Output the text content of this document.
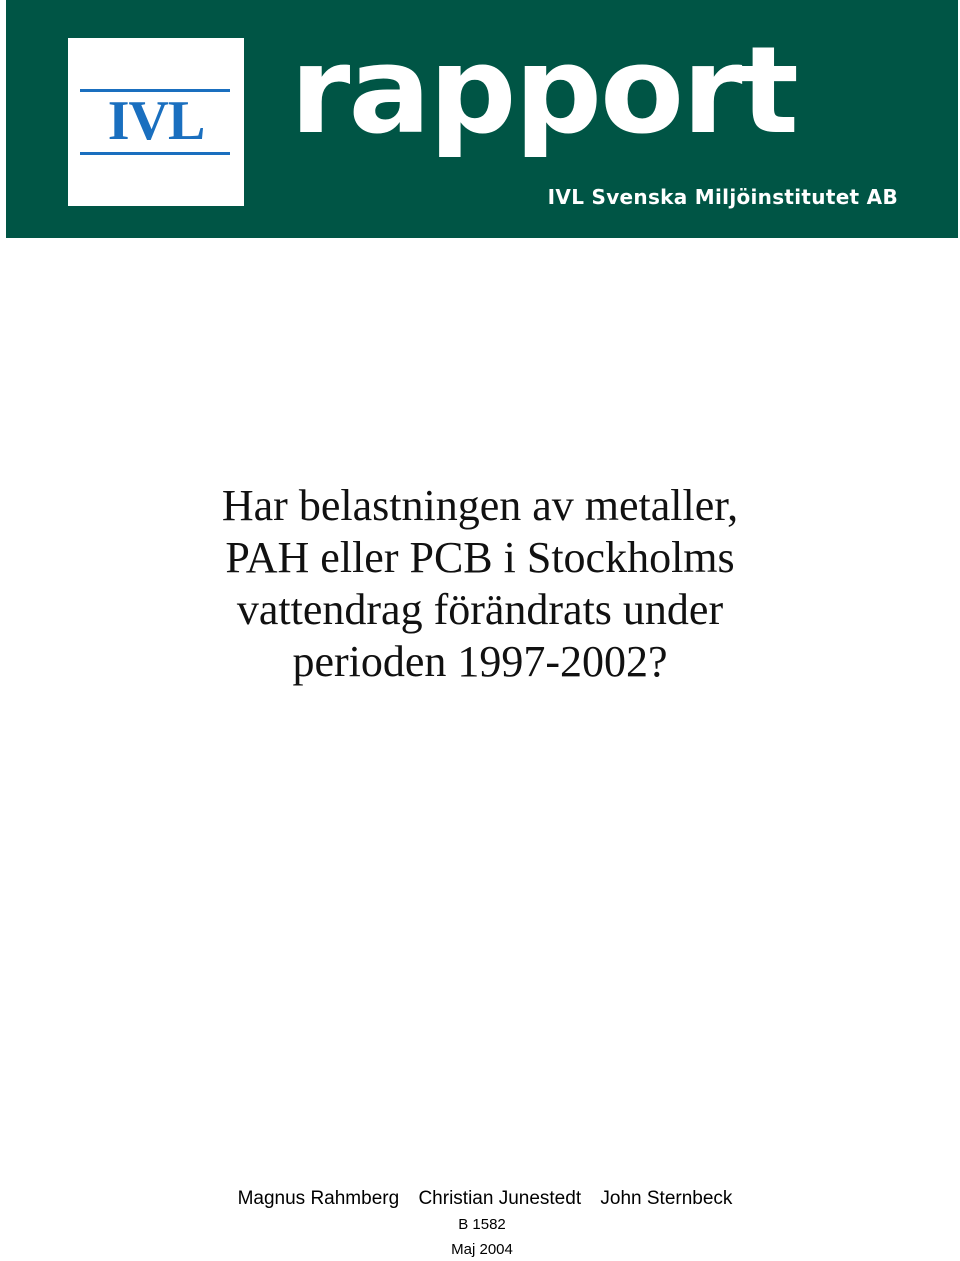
IVL rapport
IVL Svenska Miljöinstitutet AB
Har belastningen av metaller,
PAH eller PCB i Stockholms
vattendrag förändrats under
perioden 1997-2002?
Magnus Rahmberg Christian Junestedt John Sternbeck
B 1582
Maj 2004
